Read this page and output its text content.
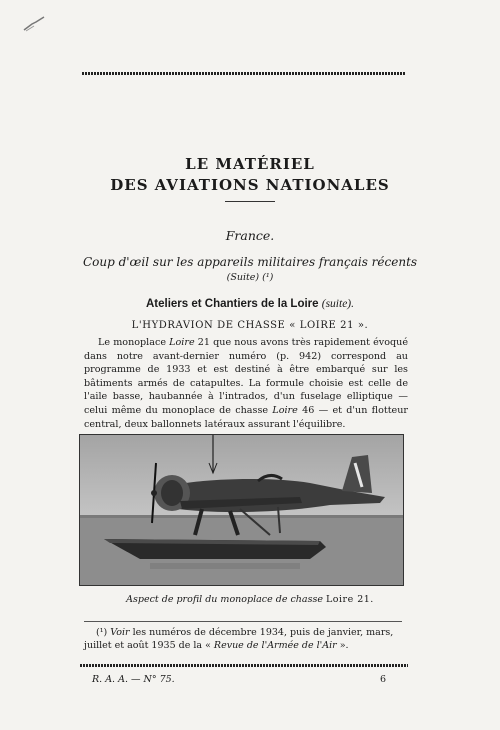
LE MATÉRIEL
DES AVIATIONS NATIONALES
France.
Coup d'œil sur les appareils militaires français récents
(Suite) (¹)
Ateliers et Chantiers de la Loire (suite).
L'HYDRAVION DE CHASSE « LOIRE 21 ».

Le monoplace Loire 21 que nous avons très rapidement évoqué dans notre avant-dernier numéro (p. 942) correspond au programme de 1933 et est destiné à être embarqué sur les bâtiments armés de catapultes. La formule choisie est celle de l'aile basse, haubannée à l'intrados, d'un fuselage elliptique — celui même du monoplace de chasse Loire 46 — et d'un flotteur central, deux ballonnets latéraux assurant l'équilibre.

Aspect de profil du monoplace de chasse Loire 21.

(¹) Voir les numéros de décembre 1934, puis de janvier, mars, juillet et août 1935 de la « Revue de l'Armée de l'Air ».

R. A. A. — N° 75.	6
